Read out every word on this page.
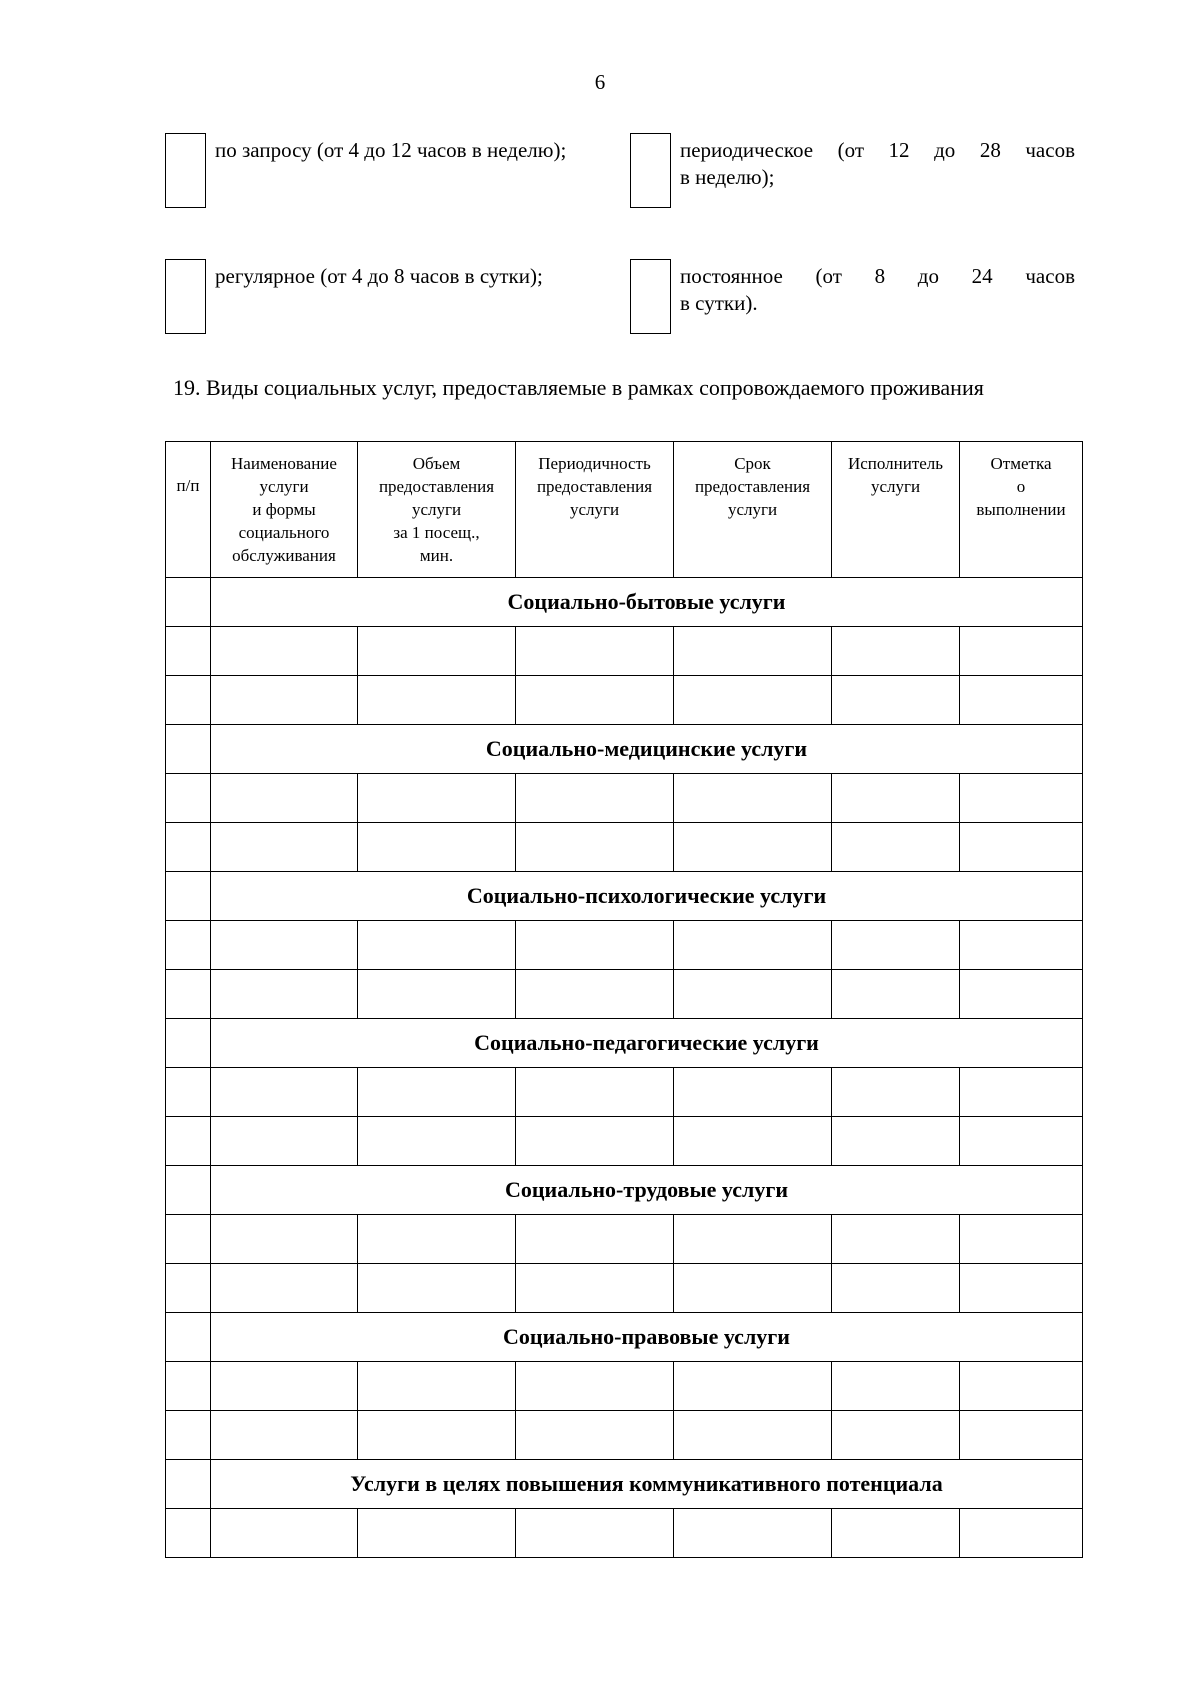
6
по запросу (от 4 до 12 часов в неделю);	периодическое (от 12 до 28 часов
в неделю);
регулярное (от 4 до 8 часов в сутки);	постоянное (от 8 до 24 часов
в сутки).
19. Виды социальных услуг, предоставляемые в рамках сопровождаемого проживания
п/п	Наименование
услуги
и формы
социального
обслуживания	Объем
предоставления
услуги
за 1 посещ.,
мин.	Периодичность
предоставления
услуги	Срок
предоставления
услуги	Исполнитель
услуги	Отметка
о
выполнении
	Социально-бытовые услуги					

	Социально-медицинские услуги					

	Социально-психологические услуги					

	Социально-педагогические услуги					

	Социально-трудовые услуги					

	Социально-правовые услуги					

	Услуги в целях повышения коммуникативного потенциала					
